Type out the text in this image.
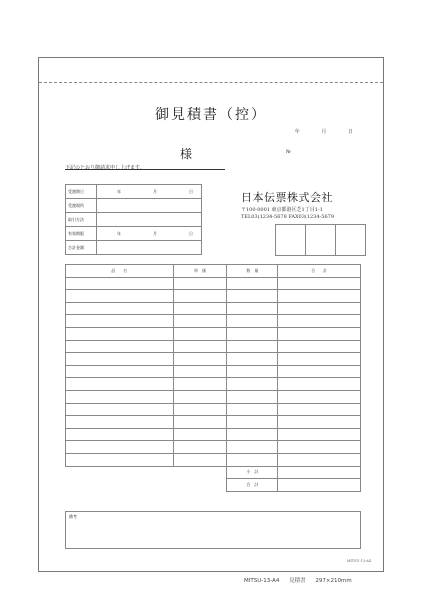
御見積書（控）
年	月	日
様	№
下記のとおり御請求申し上げます。
受渡期日	年 月 日

受渡場所	
取引方法	
有効期限	年 月 日

合計金額	
日本伝票株式会社
〒100-0001 東京都港区芝1丁目1-1
TEL03(1234-5678 FAX03(1234-5679

品　　名	単　価	数　量	合　　計

		小　計	
		合　計	
備考
MITSU-13-A4
MITSU-13-A4 見積書 297×210mm
